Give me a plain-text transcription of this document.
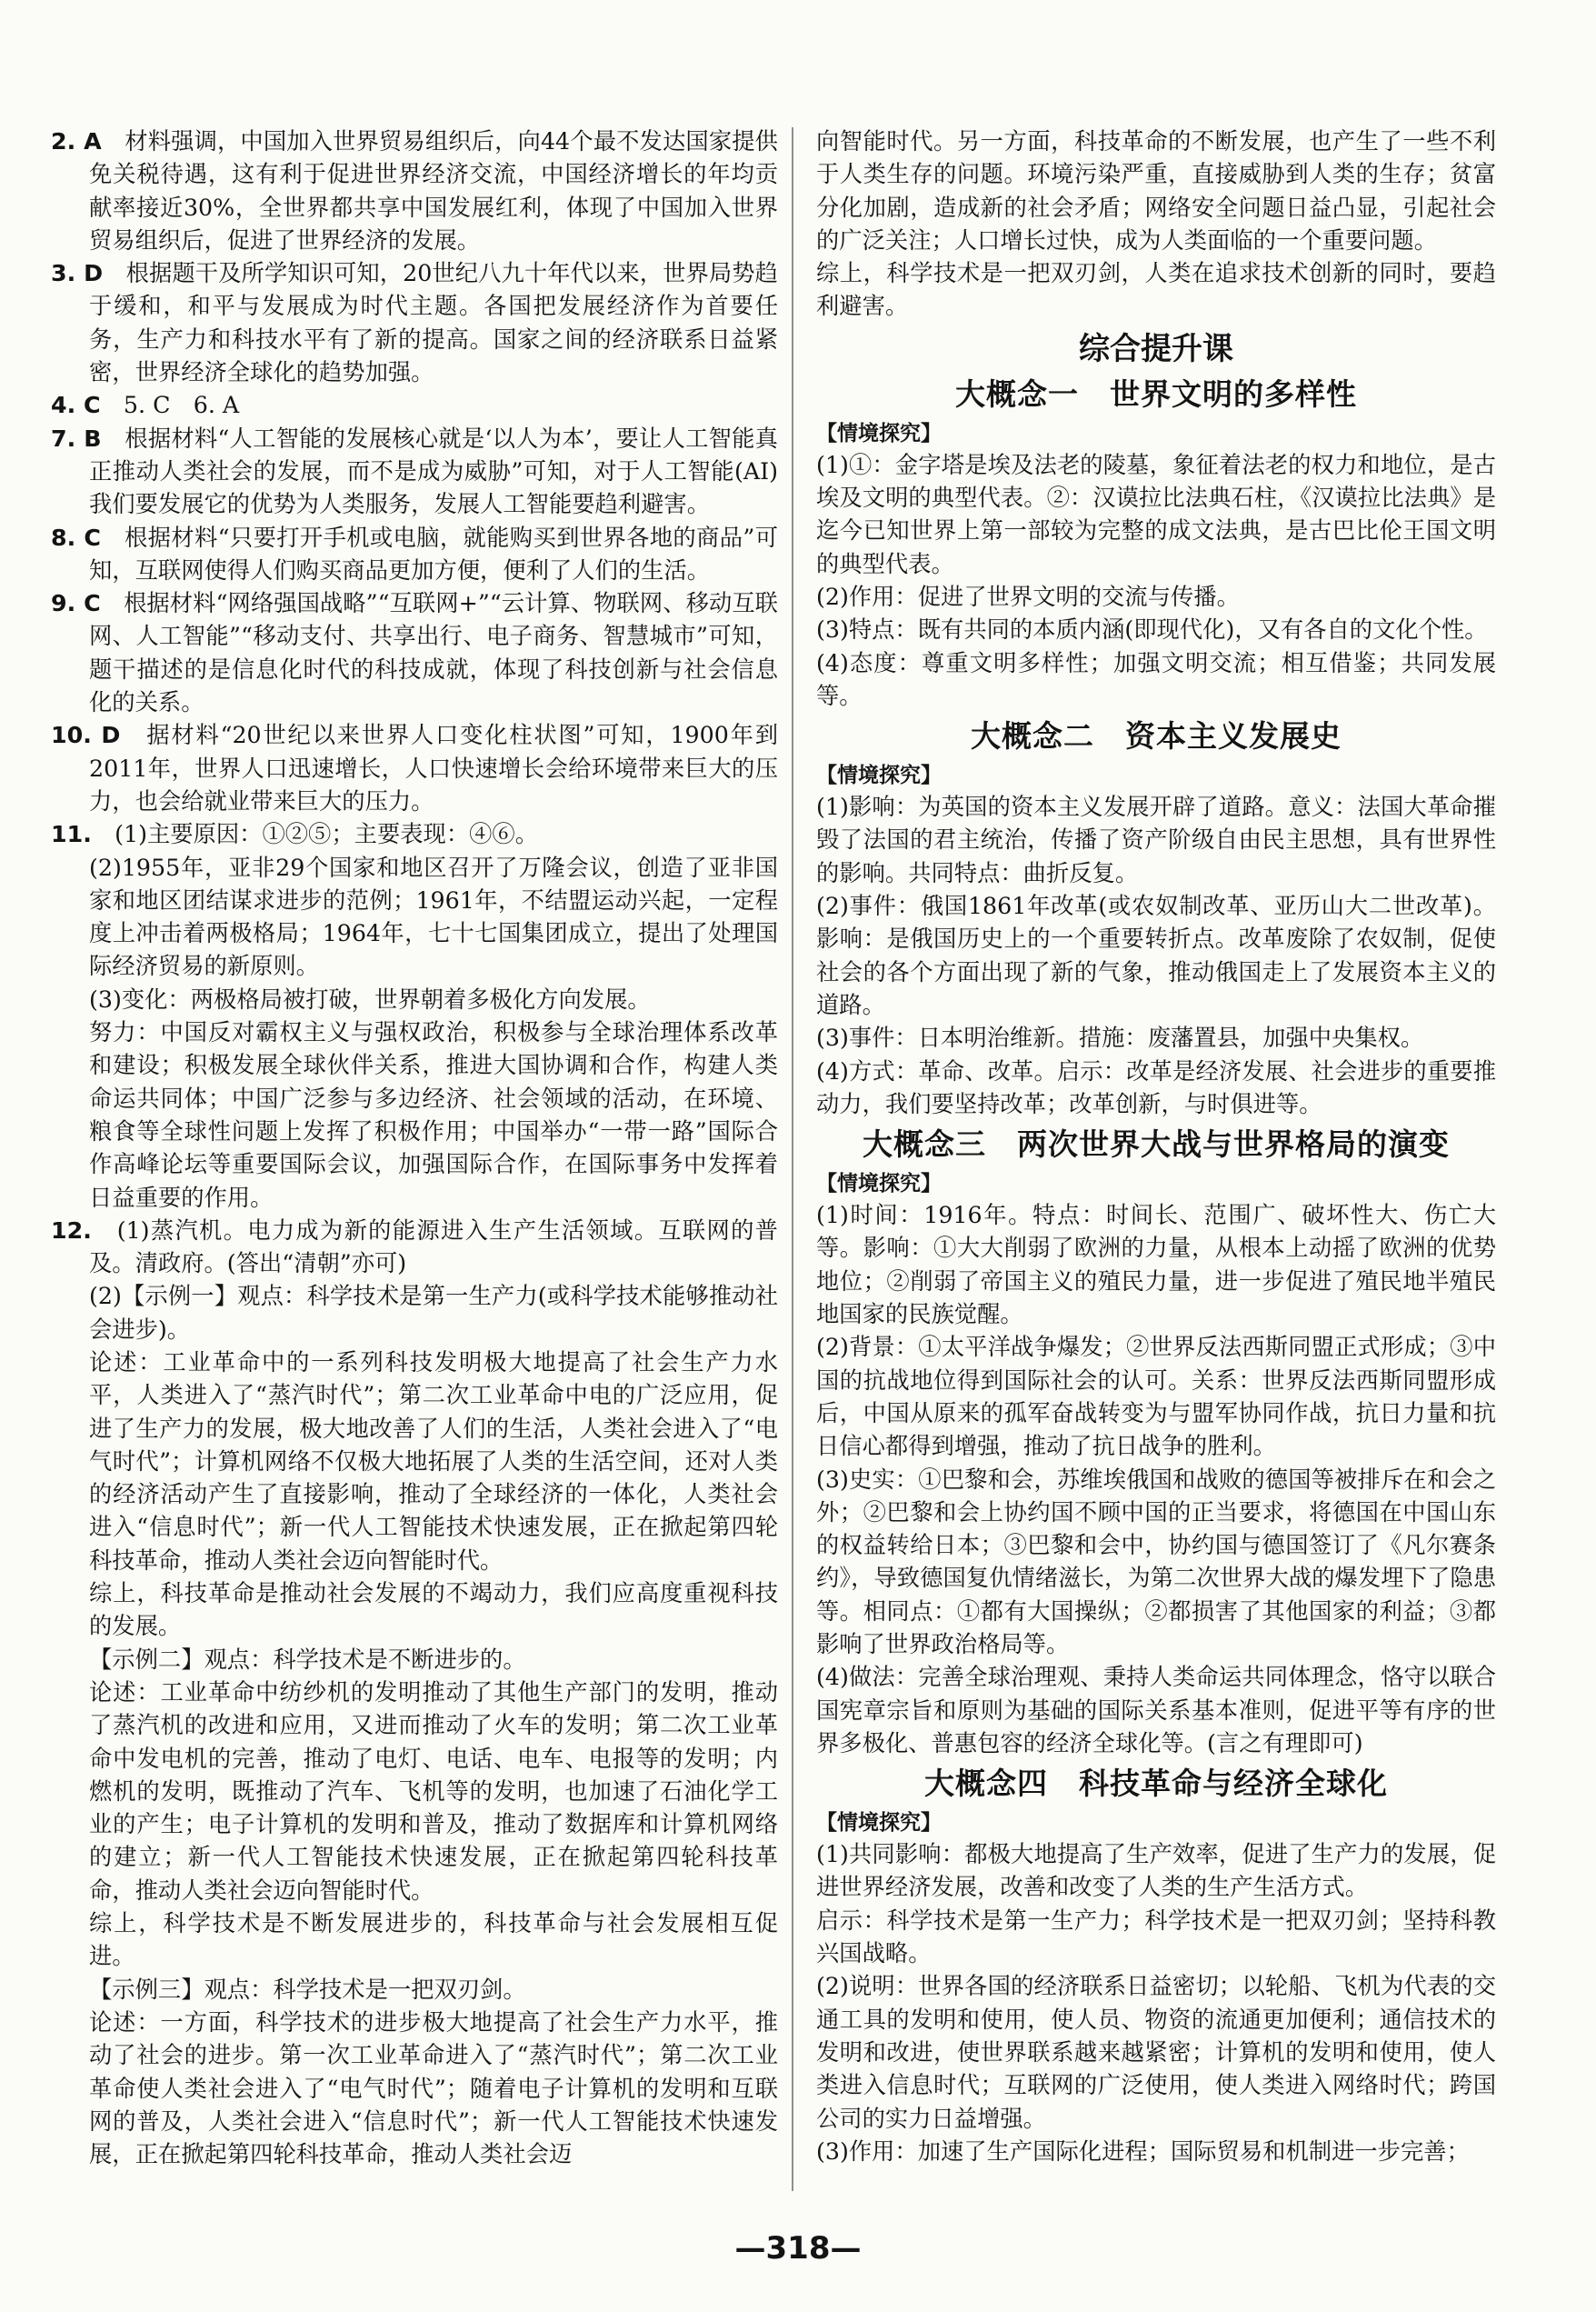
2. A　 材料强调，中国加入世界贸易组织后，向44个最不发达国家提供免关税待遇，这有利于促进世界经济交流，中国经济增长的年均贡献率接近30%，全世界都共享中国发展红利，体现了中国加入世界贸易组织后，促进了世界经济的发展。

3. D　 根据题干及所学知识可知，20世纪八九十年代以来，世界局势趋于缓和，和平与发展成为时代主题。各国把发展经济作为首要任务，生产力和科技水平有了新的提高。国家之间的经济联系日益紧密，世界经济全球化的趋势加强。

4. C　 5. C　6. A

7. B　 根据材料“人工智能的发展核心就是‘以人为本’，要让人工智能真正推动人类社会的发展，而不是成为威胁”可知，对于人工智能(AI)我们要发展它的优势为人类服务，发展人工智能要趋利避害。

8. C　 根据材料“只要打开手机或电脑，就能购买到世界各地的商品”可知，互联网使得人们购买商品更加方便，便利了人们的生活。

9. C　 根据材料“网络强国战略”“互联网+”“云计算、物联网、移动互联网、人工智能”“移动支付、共享出行、电子商务、智慧城市”可知，题干描述的是信息化时代的科技成就，体现了科技创新与社会信息化的关系。

10. D　 据材料“20世纪以来世界人口变化柱状图”可知，1900年到2011年，世界人口迅速增长，人口快速增长会给环境带来巨大的压力，也会给就业带来巨大的压力。

11.　 (1)主要原因：①②⑤；主要表现：④⑥。

(2)1955年，亚非29个国家和地区召开了万隆会议，创造了亚非国家和地区团结谋求进步的范例；1961年，不结盟运动兴起，一定程度上冲击着两极格局；1964年，七十七国集团成立，提出了处理国际经济贸易的新原则。

(3)变化：两极格局被打破，世界朝着多极化方向发展。

努力：中国反对霸权主义与强权政治，积极参与全球治理体系改革和建设；积极发展全球伙伴关系，推进大国协调和合作，构建人类命运共同体；中国广泛参与多边经济、社会领域的活动，在环境、粮食等全球性问题上发挥了积极作用；中国举办“一带一路”国际合作高峰论坛等重要国际会议，加强国际合作，在国际事务中发挥着日益重要的作用。

12.　 (1)蒸汽机。电力成为新的能源进入生产生活领域。互联网的普及。清政府。(答出“清朝”亦可)

(2)【示例一】观点：科学技术是第一生产力(或科学技术能够推动社会进步)。

论述：工业革命中的一系列科技发明极大地提高了社会生产力水平，人类进入了“蒸汽时代”；第二次工业革命中电的广泛应用，促进了生产力的发展，极大地改善了人们的生活，人类社会进入了“电气时代”；计算机网络不仅极大地拓展了人类的生活空间，还对人类的经济活动产生了直接影响，推动了全球经济的一体化，人类社会进入“信息时代”；新一代人工智能技术快速发展，正在掀起第四轮科技革命，推动人类社会迈向智能时代。

综上，科技革命是推动社会发展的不竭动力，我们应高度重视科技的发展。

【示例二】观点：科学技术是不断进步的。

论述：工业革命中纺纱机的发明推动了其他生产部门的发明，推动了蒸汽机的改进和应用，又进而推动了火车的发明；第二次工业革命中发电机的完善，推动了电灯、电话、电车、电报等的发明；内燃机的发明，既推动了汽车、飞机等的发明，也加速了石油化学工业的产生；电子计算机的发明和普及，推动了数据库和计算机网络的建立；新一代人工智能技术快速发展，正在掀起第四轮科技革命，推动人类社会迈向智能时代。

综上，科学技术是不断发展进步的，科技革命与社会发展相互促进。

【示例三】观点：科学技术是一把双刃剑。

论述：一方面，科学技术的进步极大地提高了社会生产力水平，推动了社会的进步。第一次工业革命进入了“蒸汽时代”；第二次工业革命使人类社会进入了“电气时代”；随着电子计算机的发明和互联网的普及，人类社会进入“信息时代”；新一代人工智能技术快速发展，正在掀起第四轮科技革命，推动人类社会迈

向智能时代。另一方面，科技革命的不断发展，也产生了一些不利于人类生存的问题。环境污染严重，直接威胁到人类的生存；贫富分化加剧，造成新的社会矛盾；网络安全问题日益凸显，引起社会的广泛关注；人口增长过快，成为人类面临的一个重要问题。

综上，科学技术是一把双刃剑，人类在追求技术创新的同时，要趋利避害。

综合提升课
大概念一　世界文明的多样性
【情境探究】

(1)①：金字塔是埃及法老的陵墓，象征着法老的权力和地位，是古埃及文明的典型代表。②：汉谟拉比法典石柱，《汉谟拉比法典》是迄今已知世界上第一部较为完整的成文法典，是古巴比伦王国文明的典型代表。

(2)作用：促进了世界文明的交流与传播。

(3)特点：既有共同的本质内涵(即现代化)，又有各自的文化个性。

(4)态度：尊重文明多样性；加强文明交流；相互借鉴；共同发展等。

大概念二　资本主义发展史
【情境探究】

(1)影响：为英国的资本主义发展开辟了道路。意义：法国大革命摧毁了法国的君主统治，传播了资产阶级自由民主思想，具有世界性的影响。共同特点：曲折反复。

(2)事件：俄国1861年改革(或农奴制改革、亚历山大二世改革)。影响：是俄国历史上的一个重要转折点。改革废除了农奴制，促使社会的各个方面出现了新的气象，推动俄国走上了发展资本主义的道路。

(3)事件：日本明治维新。措施：废藩置县，加强中央集权。

(4)方式：革命、改革。启示：改革是经济发展、社会进步的重要推动力，我们要坚持改革；改革创新，与时俱进等。

大概念三　两次世界大战与世界格局的演变
【情境探究】

(1)时间：1916年。特点：时间长、范围广、破坏性大、伤亡大等。影响：①大大削弱了欧洲的力量，从根本上动摇了欧洲的优势地位；②削弱了帝国主义的殖民力量，进一步促进了殖民地半殖民地国家的民族觉醒。

(2)背景：①太平洋战争爆发；②世界反法西斯同盟正式形成；③中国的抗战地位得到国际社会的认可。关系：世界反法西斯同盟形成后，中国从原来的孤军奋战转变为与盟军协同作战，抗日力量和抗日信心都得到增强，推动了抗日战争的胜利。

(3)史实：①巴黎和会，苏维埃俄国和战败的德国等被排斥在和会之外；②巴黎和会上协约国不顾中国的正当要求，将德国在中国山东的权益转给日本；③巴黎和会中，协约国与德国签订了《凡尔赛条约》，导致德国复仇情绪滋长，为第二次世界大战的爆发埋下了隐患等。相同点：①都有大国操纵；②都损害了其他国家的利益；③都影响了世界政治格局等。

(4)做法：完善全球治理观、秉持人类命运共同体理念，恪守以联合国宪章宗旨和原则为基础的国际关系基本准则，促进平等有序的世界多极化、普惠包容的经济全球化等。(言之有理即可)

大概念四　科技革命与经济全球化
【情境探究】

(1)共同影响：都极大地提高了生产效率，促进了生产力的发展，促进世界经济发展，改善和改变了人类的生产生活方式。

启示：科学技术是第一生产力；科学技术是一把双刃剑；坚持科教兴国战略。

(2)说明：世界各国的经济联系日益密切；以轮船、飞机为代表的交通工具的发明和使用，使人员、物资的流通更加便利；通信技术的发明和改进，使世界联系越来越紧密；计算机的发明和使用，使人类进入信息时代；互联网的广泛使用，使人类进入网络时代；跨国公司的实力日益增强。

(3)作用：加速了生产国际化进程；国际贸易和机制进一步完善；

—318—
